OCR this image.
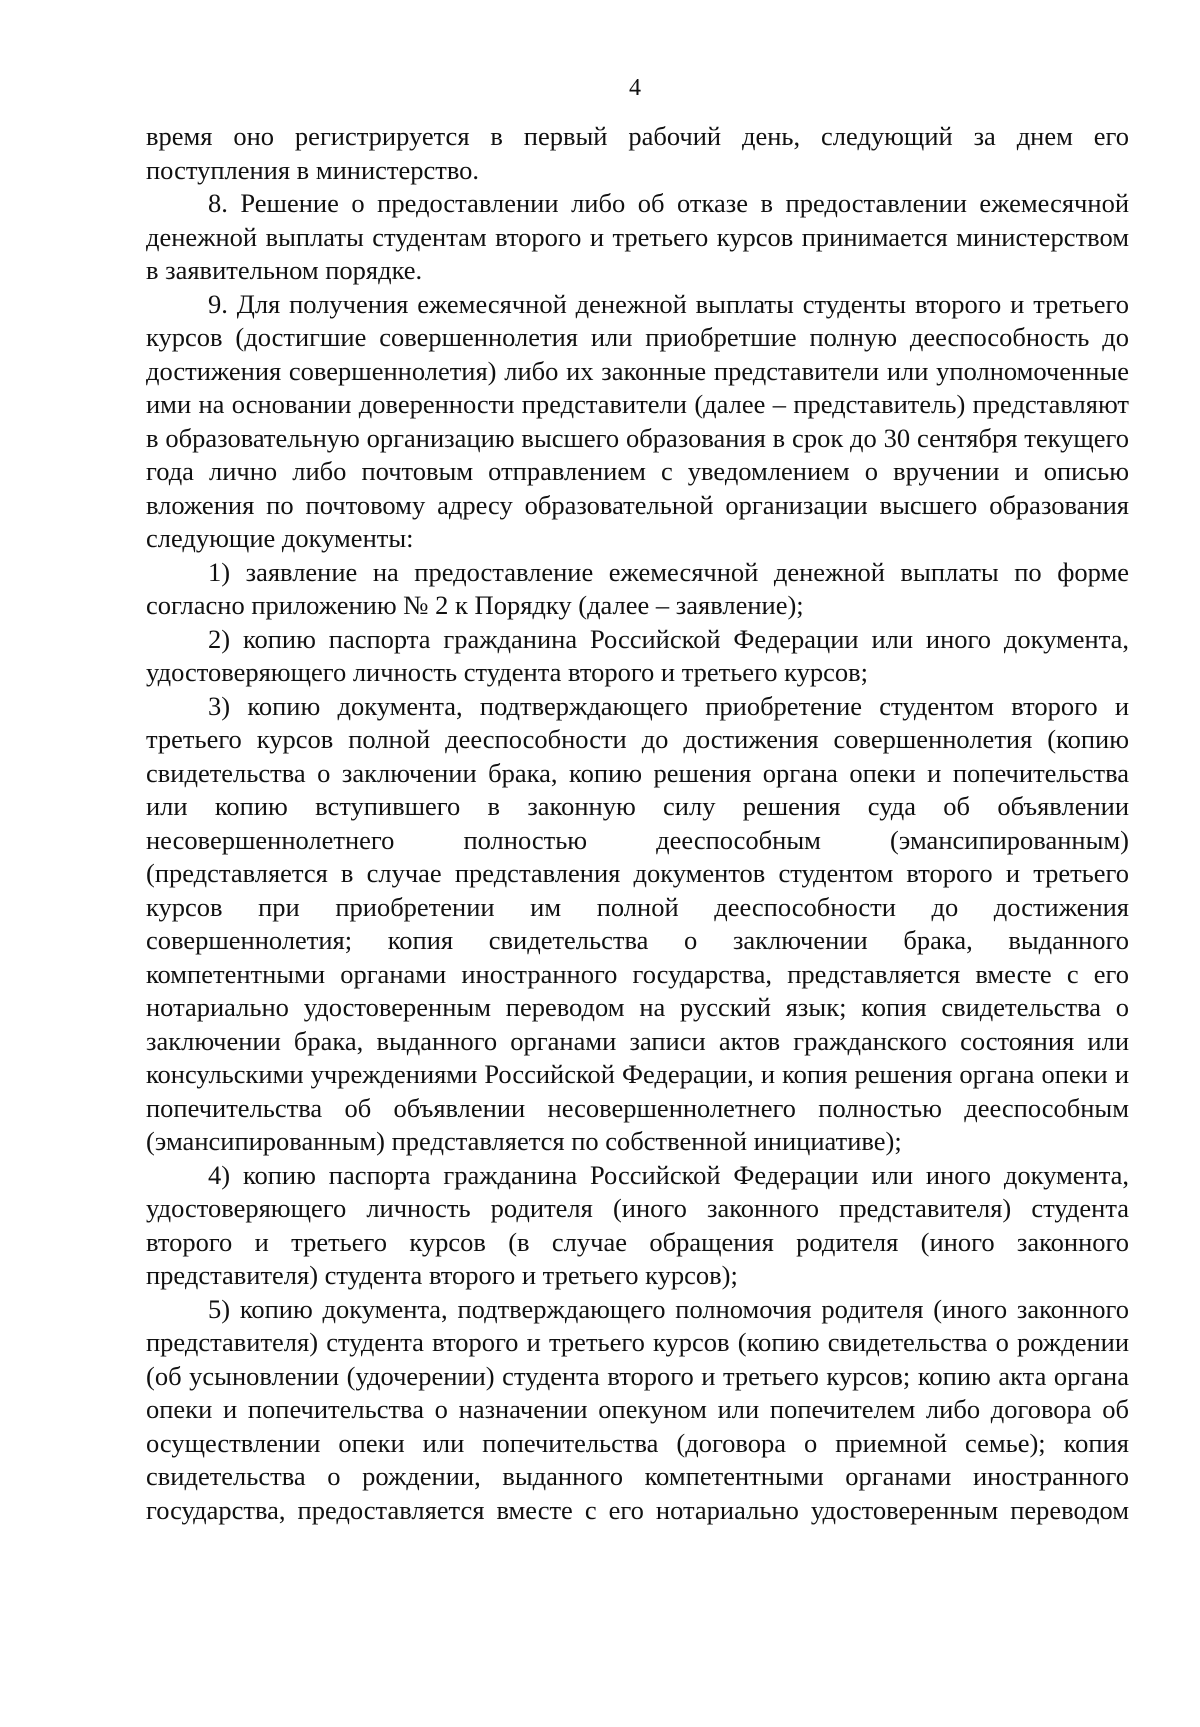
4

время оно регистрируется в первый рабочий день, следующий за днем его поступления в министерство.

8. Решение о предоставлении либо об отказе в предоставлении ежемесячной денежной выплаты студентам второго и третьего курсов принимается министерством в заявительном порядке.

9. Для получения ежемесячной денежной выплаты студенты второго и третьего курсов (достигшие совершеннолетия или приобретшие полную дееспособность до достижения совершеннолетия) либо их законные представители или уполномоченные ими на основании доверенности представители (далее – представитель) представляют в образовательную организацию высшего образования в срок до 30 сентября текущего года лично либо почтовым отправлением с уведомлением о вручении и описью вложения по почтовому адресу образовательной организации высшего образования следующие документы:

1) заявление на предоставление ежемесячной денежной выплаты по форме согласно приложению № 2 к Порядку (далее – заявление);

2) копию паспорта гражданина Российской Федерации или иного документа, удостоверяющего личность студента второго и третьего курсов;

3) копию документа, подтверждающего приобретение студентом второго и третьего курсов полной дееспособности до достижения совершеннолетия (копию свидетельства о заключении брака, копию решения органа опеки и попечительства или копию вступившего в законную силу решения суда об объявлении несовершеннолетнего полностью дееспособным (эмансипированным) (представляется в случае представления документов студентом второго и третьего курсов при приобретении им полной дееспособности до достижения совершеннолетия; копия свидетельства о заключении брака, выданного компетентными органами иностранного государства, представляется вместе с его нотариально удостоверенным переводом на русский язык; копия свидетельства о заключении брака, выданного органами записи актов гражданского состояния или консульскими учреждениями Российской Федерации, и копия решения органа опеки и попечительства об объявлении несовершеннолетнего полностью дееспособным (эмансипированным) представляется по собственной инициативе);

4) копию паспорта гражданина Российской Федерации или иного документа, удостоверяющего личность родителя (иного законного представителя) студента второго и третьего курсов (в случае обращения родителя (иного законного представителя) студента второго и третьего курсов);

5) копию документа, подтверждающего полномочия родителя (иного законного представителя) студента второго и третьего курсов (копию свидетельства о рождении (об усыновлении (удочерении) студента второго и третьего курсов; копию акта органа опеки и попечительства о назначении опекуном или попечителем либо договора об осуществлении опеки или попечительства (договора о приемной семье); копия свидетельства о рождении, выданного компетентными органами иностранного государства, предоставляется вместе с его нотариально удостоверенным переводом
